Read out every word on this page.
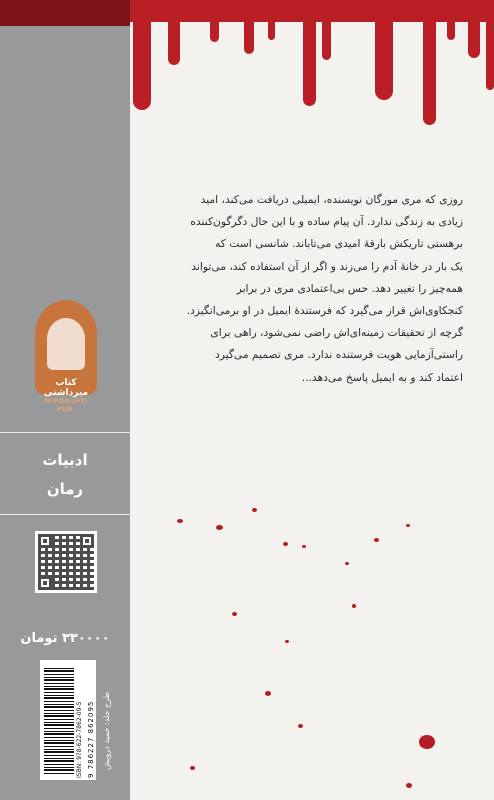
کتاب میرداشتی
MIRDASHTI PUB.
ادبیات
رمان
۳۳۰۰۰۰ تومان
ISBN: 978-622-7862-09-5 9 786227 862095 طرح جلد: حمید درویش

روزی که مری مورگان نویسنده، ایمیلی دریافت می‌کند، امید

زیادی به زندگی ندارد. آن پیام ساده و با این حال دگرگون‌کننده

برهستی تاریکش بارقهٔ امیدی می‌تاباند. شانسی است که

یک بار در خانهٔ آدم را می‌زند و اگر از آن استفاده کند، می‌تواند

همه‌چیز را تغییر دهد. حس بی‌اعتمادی مری در برابر

کنجکاوی‌اش قرار می‌گیرد که فرستندهٔ ایمیل در او برمی‌انگیزد.

گرچه از تحقیقات زمینه‌ای‌اش راضی نمی‌شود، راهی برای

راستی‌آزمایی هویت فرستنده ندارد. مری تصمیم می‌گیرد

اعتماد کند و به ایمیل پاسخ می‌دهد...
